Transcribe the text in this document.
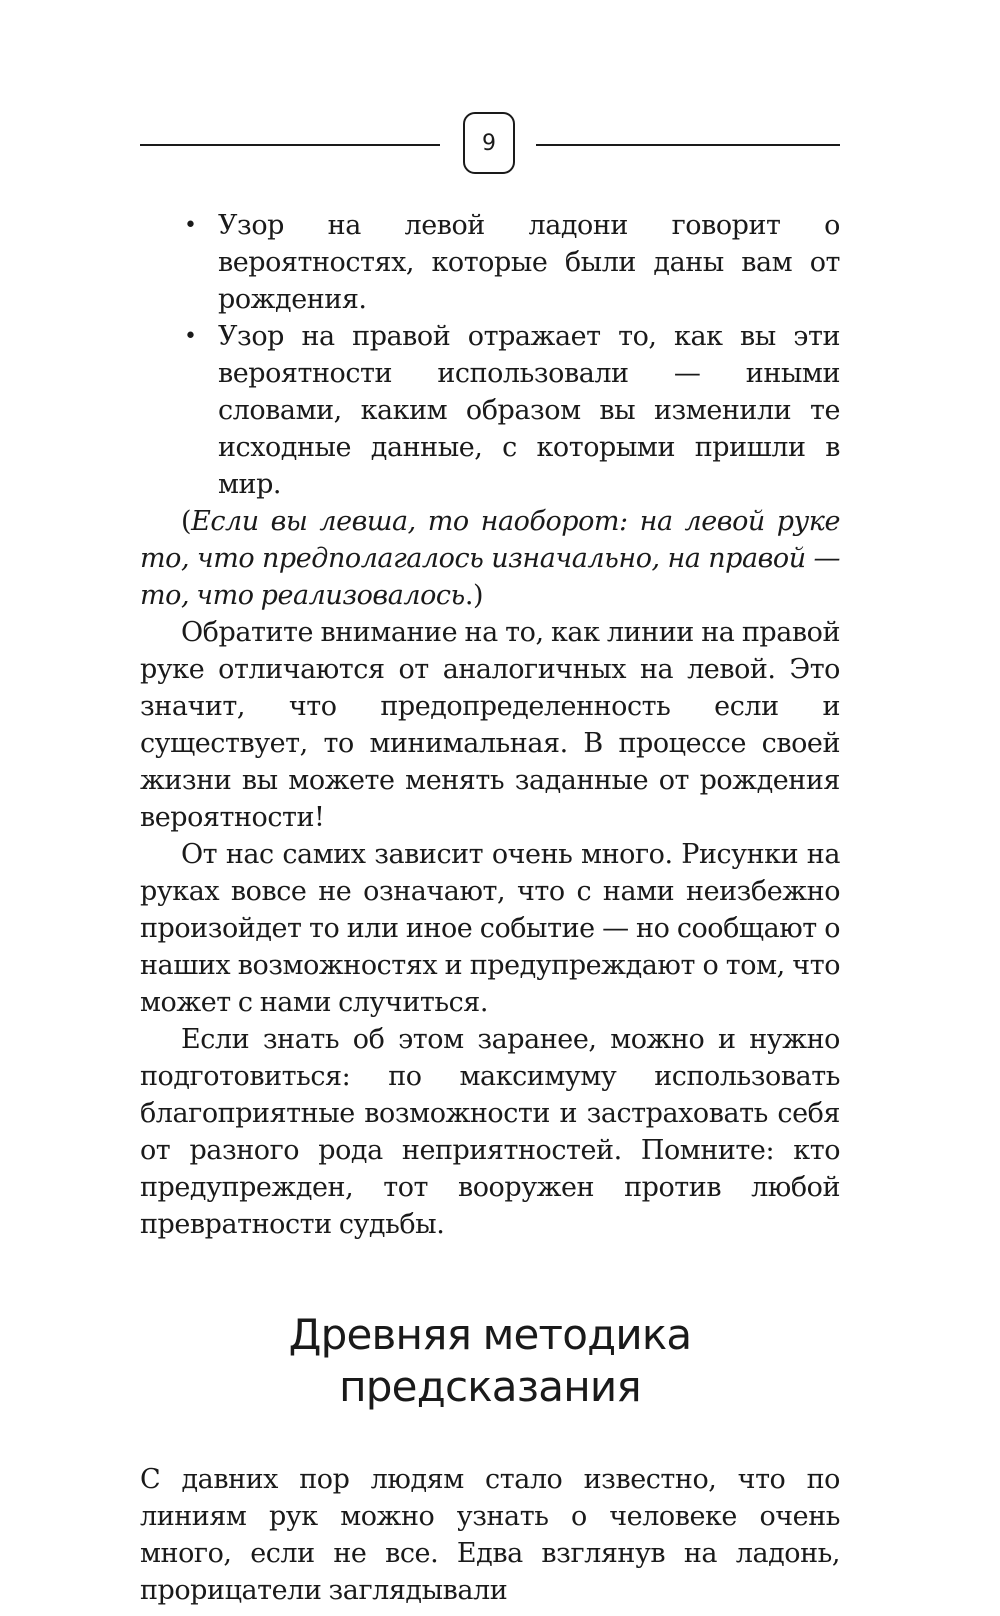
9
• Узор на левой ладони говорит о вероятностях, которые были даны вам от рождения.
• Узор на правой отражает то, как вы эти вероятности использовали — иными словами, каким образом вы изменили те исходные данные, с которыми пришли в мир.

(Если вы левша, то наоборот: на левой руке то, что предполагалось изначально, на правой — то, что реализовалось.)

Обратите внимание на то, как линии на правой руке отличаются от аналогичных на левой. Это значит, что предопределенность если и существует, то минимальная. В процессе своей жизни вы можете менять заданные от рождения вероятности!

От нас самих зависит очень много. Рисунки на руках вовсе не означают, что с нами неизбежно произойдет то или иное событие — но сообщают о наших возможностях и предупреждают о том, что может с нами случиться.

Если знать об этом заранее, можно и нужно подготовиться: по максимуму использовать благоприятные возможности и застраховать себя от разного рода неприятностей. Помните: кто предупрежден, тот вооружен против любой превратности судьбы.

Древняя методика
предсказания

С давних пор людям стало известно, что по линиям рук можно узнать о человеке очень много, если не все. Едва взглянув на ладонь, прорицатели заглядывали
